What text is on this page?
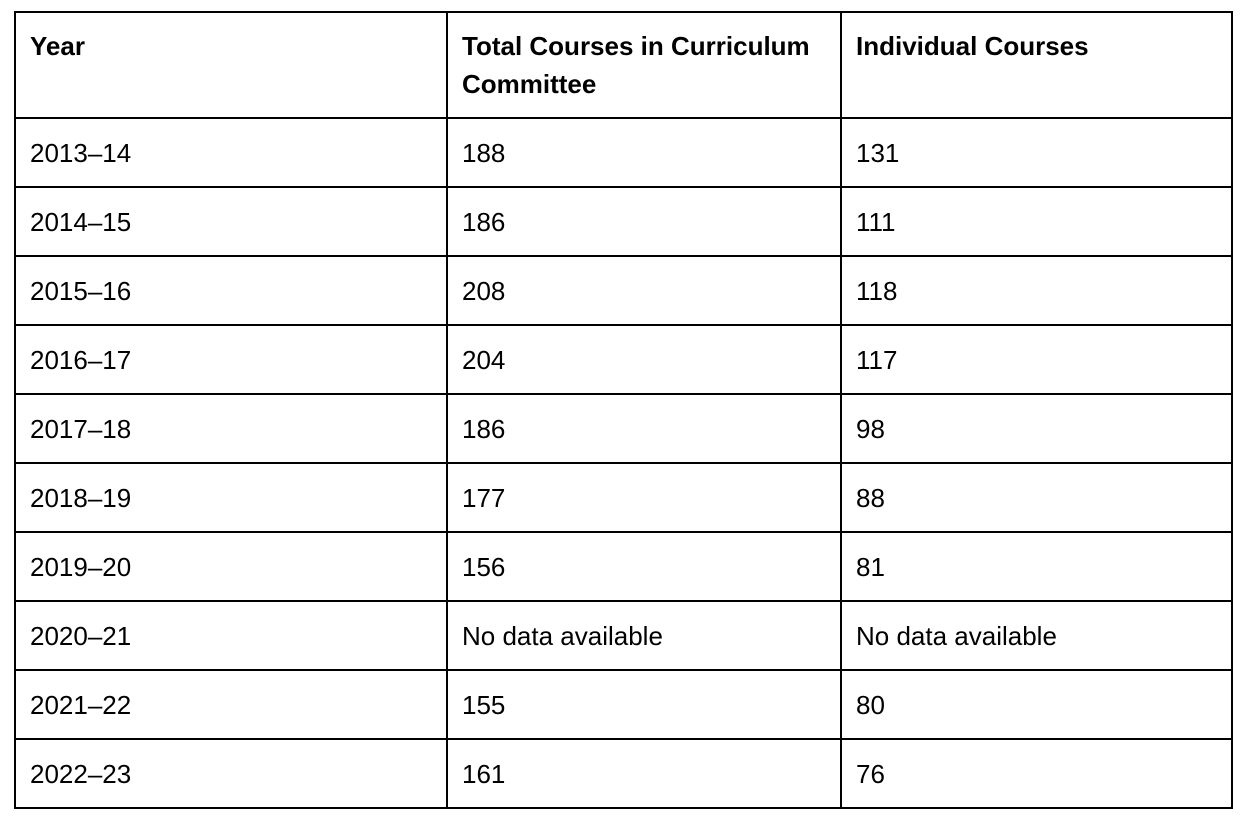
Year	Total Courses in Curriculum Committee	Individual Courses
2013–14	188	131
2014–15	186	111
2015–16	208	118
2016–17	204	117
2017–18	186	98
2018–19	177	88
2019–20	156	81
2020–21	No data available	No data available
2021–22	155	80
2022–23	161	76
